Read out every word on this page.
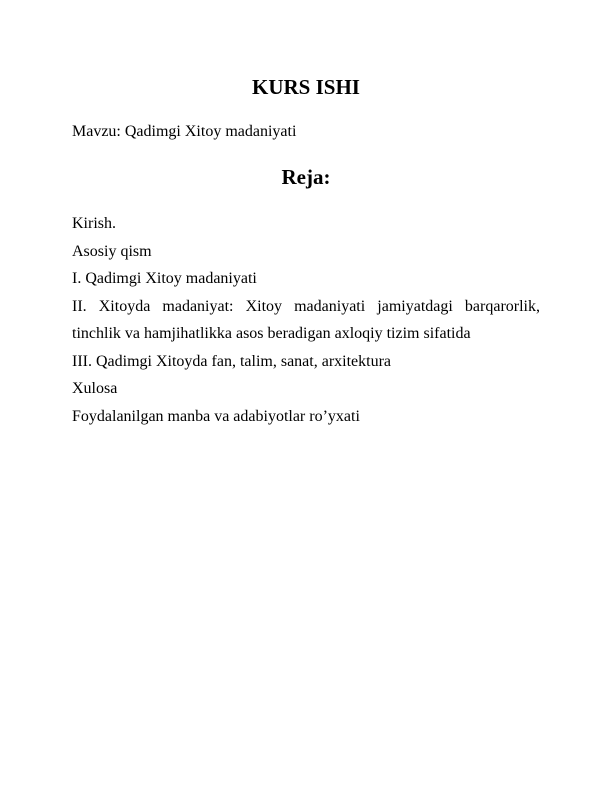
KURS ISHI

Mavzu: Qadimgi Xitoy madaniyati

Reja:
Kirish.
Asosiy qism
I. Qadimgi Xitoy madaniyati
II. Xitoyda madaniyat: Xitoy madaniyati jamiyatdagi barqarorlik, tinchlik va hamjihatlikka asos beradigan axloqiy tizim sifatida
III. Qadimgi Xitoyda fan, talim, sanat, arxitektura
Xulosa
Foydalanilgan manba va adabiyotlar ro’yxati
